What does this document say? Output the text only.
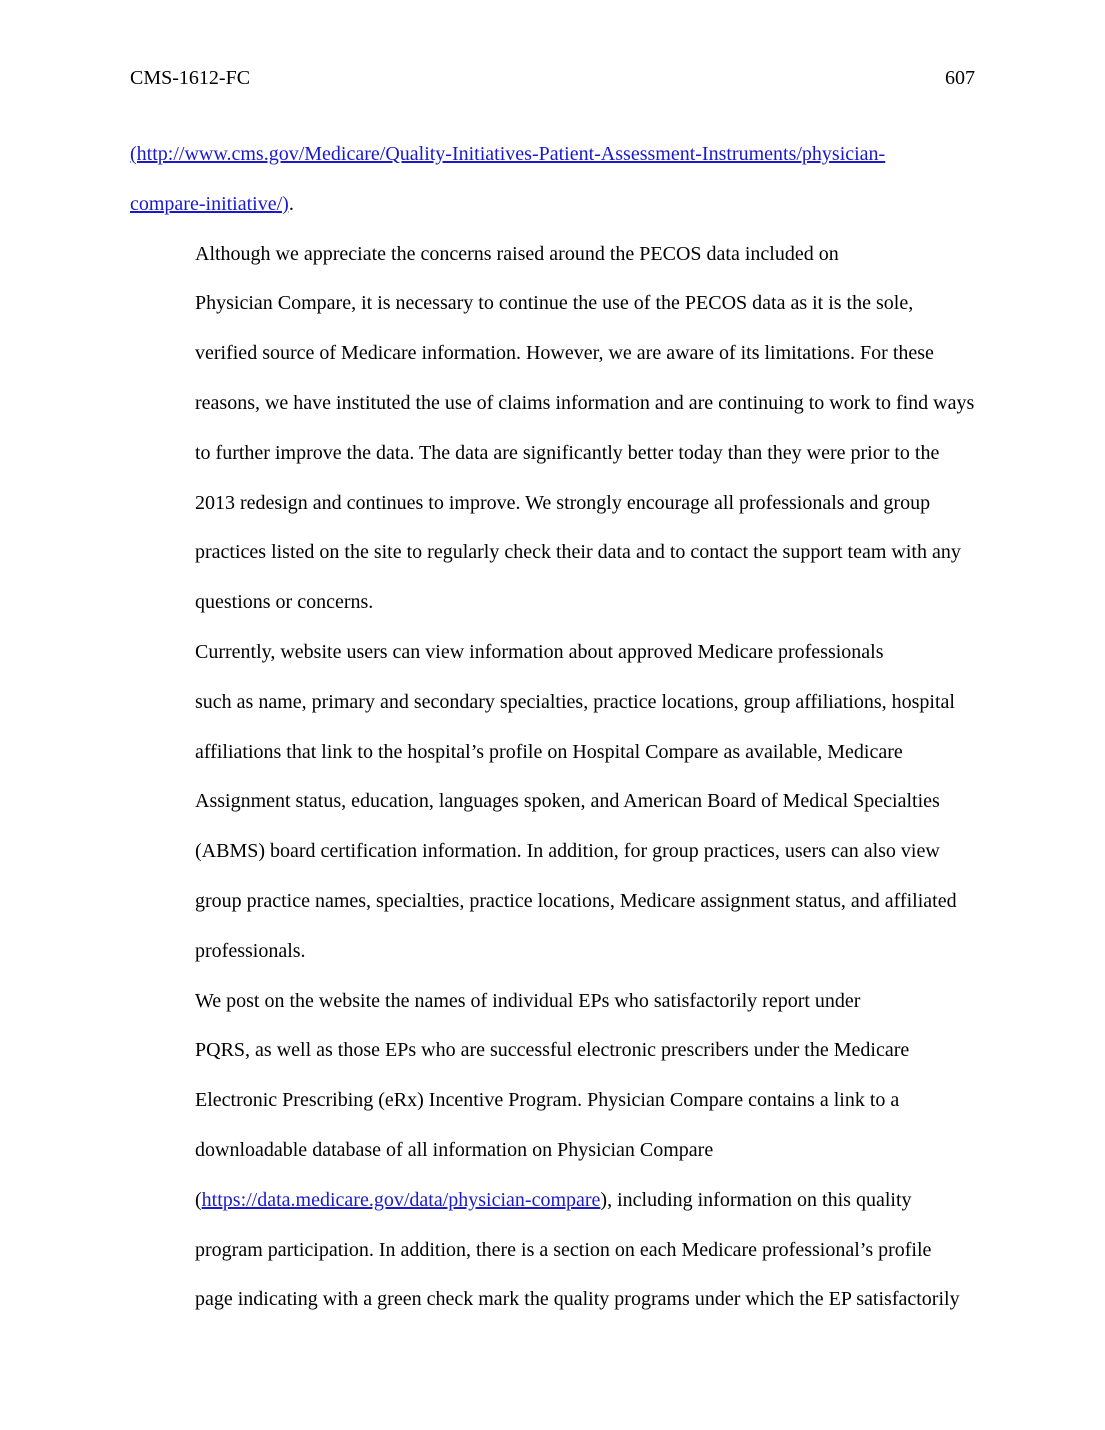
CMS-1612-FC	607

(http://www.cms.gov/Medicare/Quality-Initiatives-Patient-Assessment-Instruments/physician-
compare-initiative/).

Although we appreciate the concerns raised around the PECOS data included on
Physician Compare, it is necessary to continue the use of the PECOS data as it is the sole,
verified source of Medicare information. However, we are aware of its limitations. For these
reasons, we have instituted the use of claims information and are continuing to work to find ways
to further improve the data. The data are significantly better today than they were prior to the
2013 redesign and continues to improve. We strongly encourage all professionals and group
practices listed on the site to regularly check their data and to contact the support team with any
questions or concerns.

Currently, website users can view information about approved Medicare professionals
such as name, primary and secondary specialties, practice locations, group affiliations, hospital
affiliations that link to the hospital’s profile on Hospital Compare as available, Medicare
Assignment status, education, languages spoken, and American Board of Medical Specialties
(ABMS) board certification information. In addition, for group practices, users can also view
group practice names, specialties, practice locations, Medicare assignment status, and affiliated
professionals.

We post on the website the names of individual EPs who satisfactorily report under
PQRS, as well as those EPs who are successful electronic prescribers under the Medicare
Electronic Prescribing (eRx) Incentive Program. Physician Compare contains a link to a
downloadable database of all information on Physician Compare
(https://data.medicare.gov/data/physician-compare), including information on this quality
program participation. In addition, there is a section on each Medicare professional’s profile
page indicating with a green check mark the quality programs under which the EP satisfactorily
